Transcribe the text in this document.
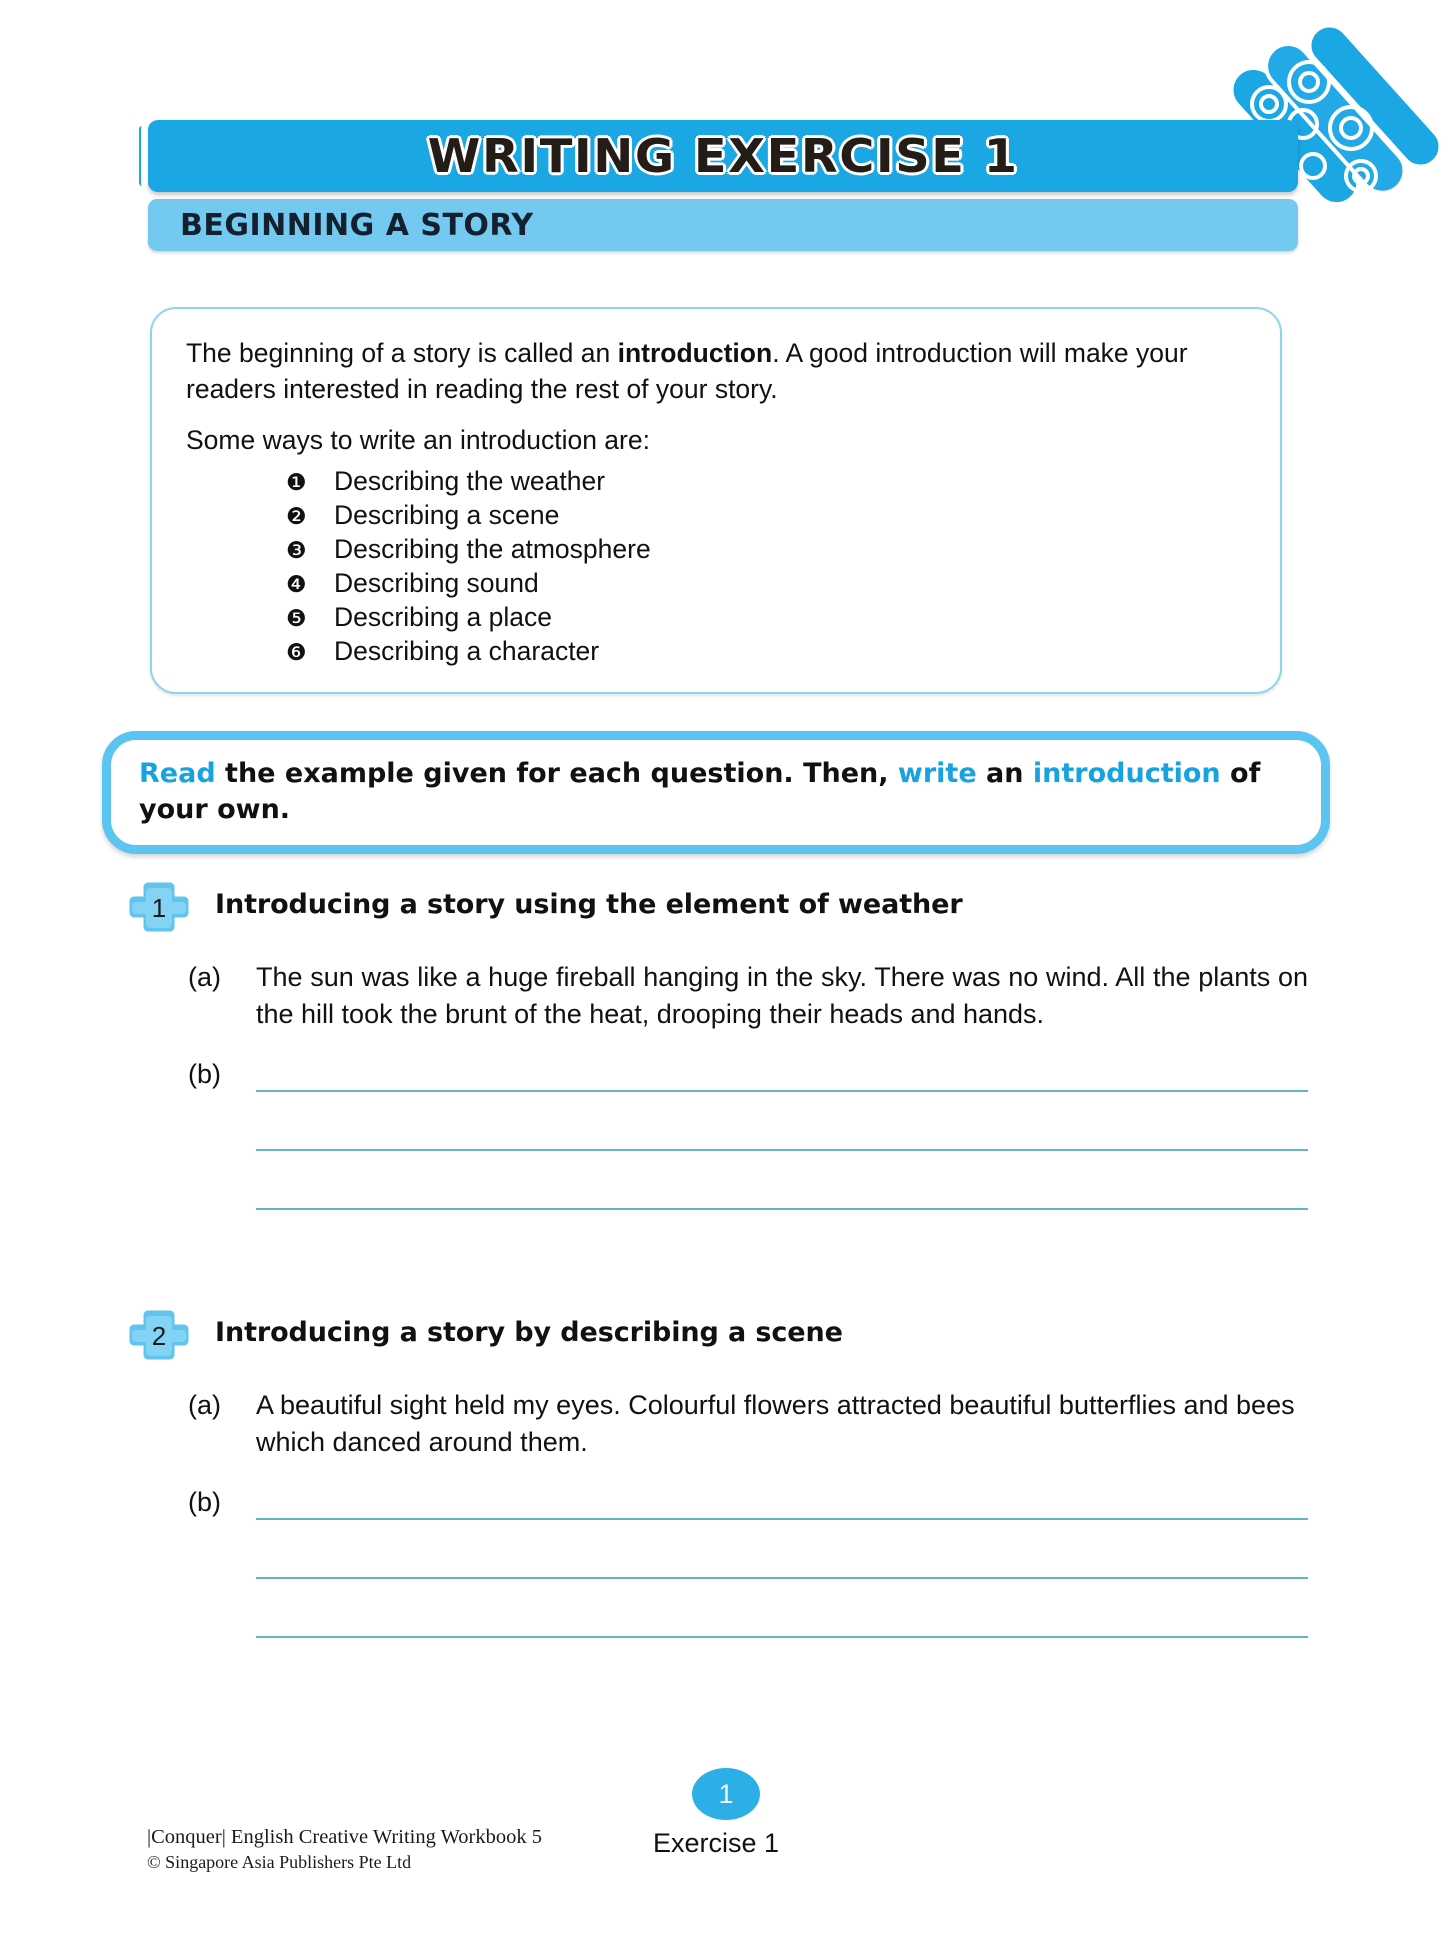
WRITING EXERCISE 1
BEGINNING A STORY

The beginning of a story is called an introduction. A good introduction will make your readers interested in reading the rest of your story.

Some ways to write an introduction are:

❶	Describing the weather
❷	Describing a scene
❸	Describing the atmosphere
❹	Describing sound
❺	Describing a place
❻	Describing a character
Read the example given for each question. Then, write an introduction of your own.
1	Introducing a story using the element of weather
(a)	The sun was like a huge fireball hanging in the sky. There was no wind. All the plants on the hill took the brunt of the heat, drooping their heads and hands.
(b)
2	Introducing a story by describing a scene
(a)	A beautiful sight held my eyes. Colourful flowers attracted beautiful butterflies and bees which danced around them.
(b)
|Conquer| English Creative Writing Workbook 5
© Singapore Asia Publishers Pte Ltd
1
Exercise 1
